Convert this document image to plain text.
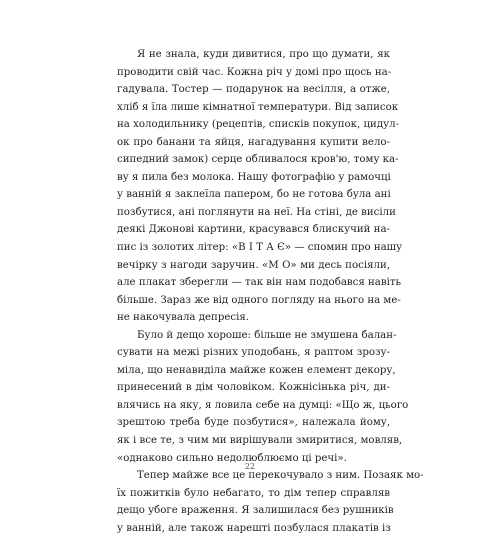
Я не знала, куди дивитися, про що думати, як
проводити свій час. Кожна річ у домі про щось на-
гадувала. Тостер — подарунок на весілля, а отже,
хліб я їла лише кімнатної температури. Від записок
на холодильнику (рецептів, списків покупок, цидул-
ок про банани та яйця, нагадування купити вело-
сипедний замок) серце обливалося кров'ю, тому ка-
ву я пила без молока. Нашу фотографію у рамочці
у ванній я заклеїла папером, бо не готова була ані
позбутися, ані поглянути на неї. На стіні, де висіли
деякі Джонові картини, красувався блискучий на-
пис із золотих літер: «В І Т А Є» — спомин про нашу
вечірку з нагоди заручин. «М О» ми десь посіяли,
але плакат зберегли — так він нам подобався навіть
більше. Зараз же від одного погляду на нього на ме-
не накочувала депресія.
Було й дещо хороше: більше не змушена балан-
сувати на межі різних уподобань, я раптом зрозу-
міла, що ненавиділа майже кожен елемент декору,
принесений в дім чоловіком. Кожнісінька річ, ди-
влячись на яку, я ловила себе на думці: «Що ж, цього
зрештою треба буде позбутися», належала йому,
як і все те, з чим ми вирішували змиритися, мовляв,
«однаково сильно недолюблюємо ці речі».
Тепер майже все це перекочувало з ним. Позаяк мо-
їх пожитків було небагато, то дім тепер справляв
дещо убоге враження. Я залишилася без рушників
у ванній, але також нарешті позбулася плакатів із
22
